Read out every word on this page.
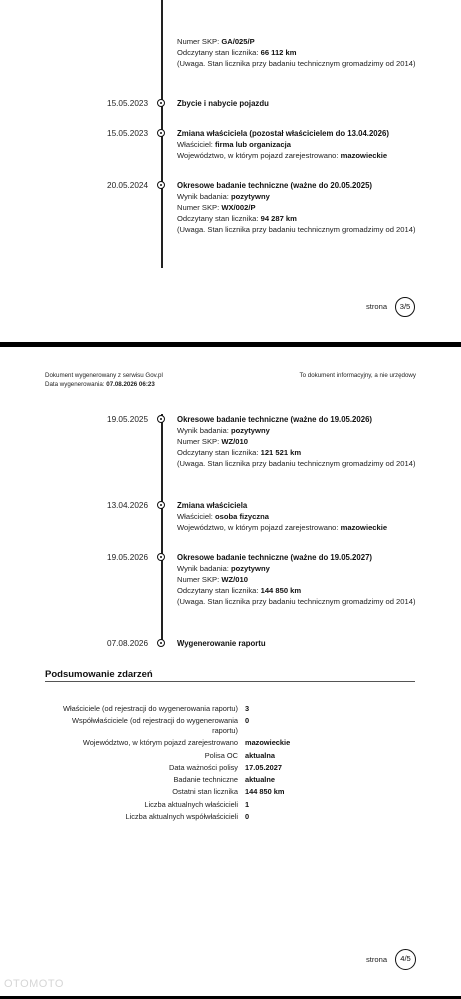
Numer SKP: GA/025/P
Odczytany stan licznika: 66 112 km
(Uwaga. Stan licznika przy badaniu technicznym gromadzimy od 2014)
15.05.2023	Zbycie i nabycie pojazdu
15.05.2023	Zmiana właściciela (pozostał właścicielem do 13.04.2026)
Właściciel: firma lub organizacja
Województwo, w którym pojazd zarejestrowano: mazowieckie
20.05.2024	Okresowe badanie techniczne (ważne do 20.05.2025)
Wynik badania: pozytywny
Numer SKP: WX/002/P
Odczytany stan licznika: 94 287 km
(Uwaga. Stan licznika przy badaniu technicznym gromadzimy od 2014)
strona	3/5
Dokument wygenerowany z serwisu Gov.pl
Data wygenerowania: 07.08.2026 06:23
To dokument informacyjny, a nie urzędowy
19.05.2025	Okresowe badanie techniczne (ważne do 19.05.2026)
Wynik badania: pozytywny
Numer SKP: WZ/010
Odczytany stan licznika: 121 521 km
(Uwaga. Stan licznika przy badaniu technicznym gromadzimy od 2014)
13.04.2026	Zmiana właściciela
Właściciel: osoba fizyczna
Województwo, w którym pojazd zarejestrowano: mazowieckie
19.05.2026	Okresowe badanie techniczne (ważne do 19.05.2027)
Wynik badania: pozytywny
Numer SKP: WZ/010
Odczytany stan licznika: 144 850 km
(Uwaga. Stan licznika przy badaniu technicznym gromadzimy od 2014)
07.08.2026	Wygenerowanie raportu
Podsumowanie zdarzeń
Właściciele (od rejestracji do wygenerowania raportu) 3
Współwłaściciele (od rejestracji do wygenerowania raportu)
0
Województwo, w którym pojazd zarejestrowano mazowieckie
Polisa OC aktualna
Data ważności polisy 17.05.2027
Badanie techniczne aktualne
Ostatni stan licznika 144 850 km
Liczba aktualnych właścicieli 1
Liczba aktualnych współwłaścicieli 0
strona	4/5
OTOMOTO
